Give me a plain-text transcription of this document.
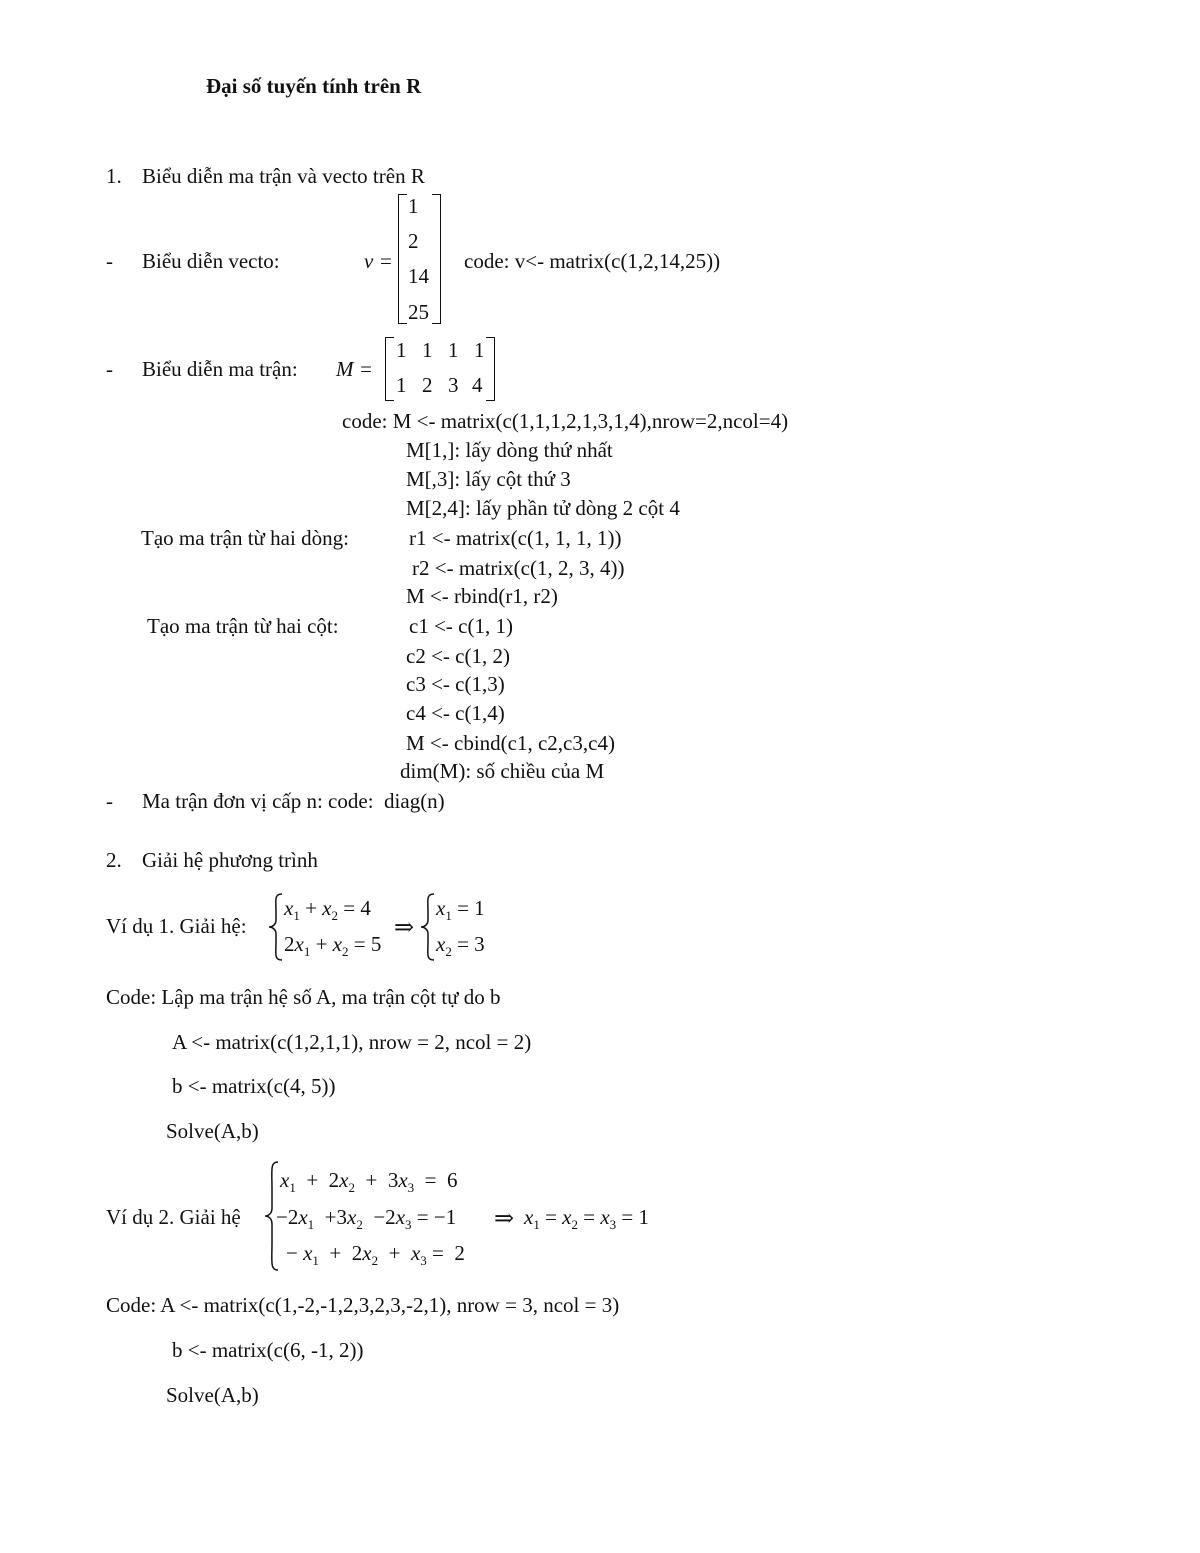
Đại số tuyến tính trên R
1. Biểu diễn ma trận và vecto trên R
- Biểu diễn vecto:	v =
1
2
14
25
code: v<- matrix(c(1,2,14,25))
- Biểu diễn ma trận: M =
1 1 1 1
1 2 3 4
code: M <- matrix(c(1,1,1,2,1,3,1,4),nrow=2,ncol=4)
M[1,]: lấy dòng thứ nhất
M[,3]: lấy cột thứ 3
M[2,4]: lấy phần tử dòng 2 cột 4
Tạo ma trận từ hai dòng:	r1 <- matrix(c(1, 1, 1, 1))
r2 <- matrix(c(1, 2, 3, 4))
M <- rbind(r1, r2)
Tạo ma trận từ hai cột:	c1 <- c(1, 1)
c2 <- c(1, 2)
c3 <- c(1,3)
c4 <- c(1,4)
M <- cbind(c1, c2,c3,c4)
dim(M): số chiều của M
- Ma trận đơn vị cấp n: code:  diag(n)
2. Giải hệ phương trình
Ví dụ 1. Giải hệ:
$x_1 + x_2 = 4$
$2x_1 + x_2 = 5$
⇒
$x_1 = 1$
$x_2 = 3$
Code: Lập ma trận hệ số A, ma trận cột tự do b
A <- matrix(c(1,2,1,1), nrow = 2, ncol = 2)
b <- matrix(c(4, 5))
Solve(A,b)
Ví dụ 2. Giải hệ
$x_1 + 2x_2 + 3x_3 = 6$
$-2x_1 +3x_2 -2x_3 = -1$
− $x_1 + 2x_2 + x_3 = 2$
⇒ $x_1 = x_2 = x_3 = 1$
Code: A <- matrix(c(1,-2,-1,2,3,2,3,-2,1), nrow = 3, ncol = 3)
b <- matrix(c(6, -1, 2))
Solve(A,b)
